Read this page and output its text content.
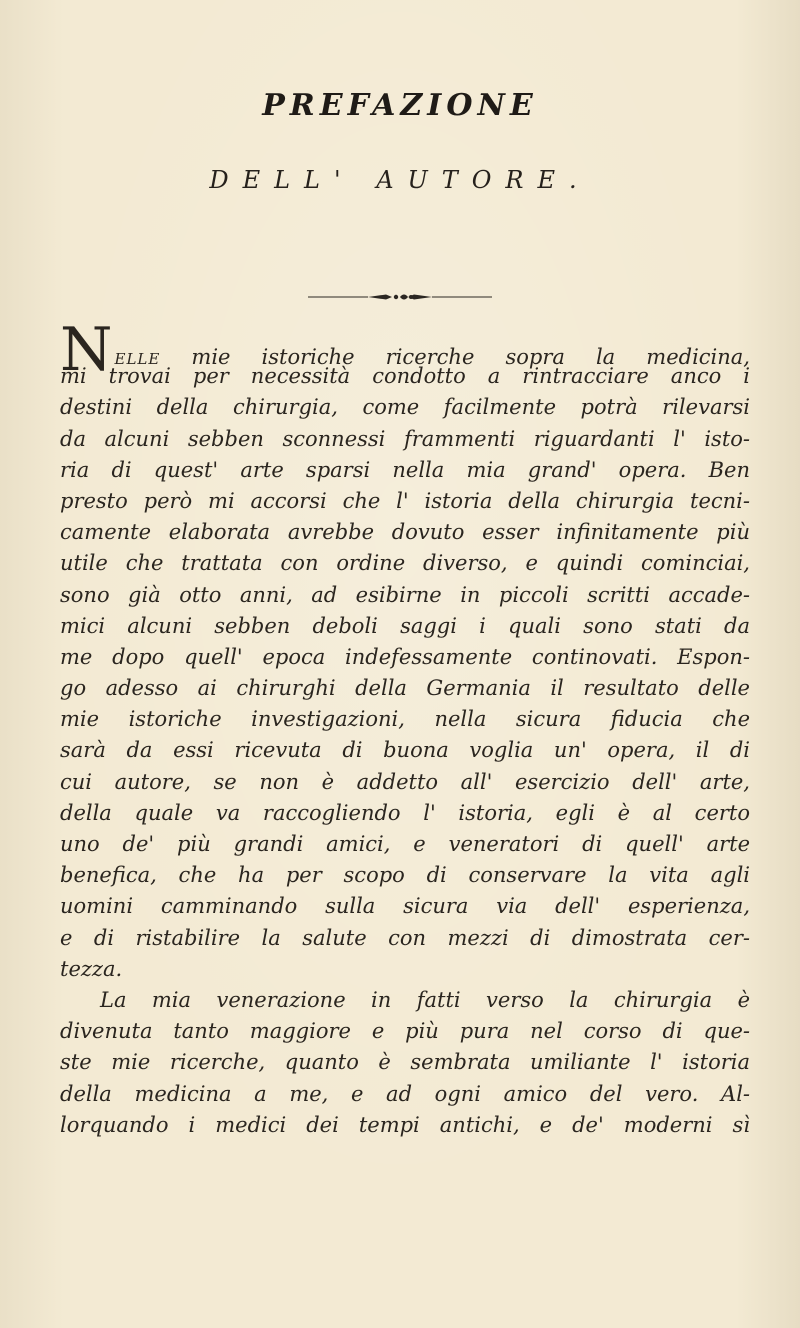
PREFAZIONE
DELL' AUTORE.
NELLE mie istoriche ricerche sopra la medicina,
mi trovai per necessità condotto a rintracciare anco i
destini della chirurgia, come facilmente potrà rilevarsi
da alcuni sebben sconnessi frammenti riguardanti l' isto-
ria di quest' arte sparsi nella mia grand' opera. Ben
presto però mi accorsi che l' istoria della chirurgia tecni-
camente elaborata avrebbe dovuto esser infinitamente più
utile che trattata con ordine diverso, e quindi cominciai,
sono già otto anni, ad esibirne in piccoli scritti accade-
mici alcuni sebben deboli saggi i quali sono stati da
me dopo quell' epoca indefessamente continovati. Espon-
go adesso ai chirurghi della Germania il resultato delle
mie istoriche investigazioni, nella sicura fiducia che
sarà da essi ricevuta di buona voglia un' opera, il di
cui autore, se non è addetto all' esercizio dell' arte,
della quale va raccogliendo l' istoria, egli è al certo
uno de' più grandi amici, e veneratori di quell' arte
benefica, che ha per scopo di conservare la vita agli
uomini camminando sulla sicura via dell' esperienza,
e di ristabilire la salute con mezzi di dimostrata cer-
tezza.
La mia venerazione in fatti verso la chirurgia è
divenuta tanto maggiore e più pura nel corso di que-
ste mie ricerche, quanto è sembrata umiliante l' istoria
della medicina a me, e ad ogni amico del vero. Al-
lorquando i medici dei tempi antichi, e de' moderni sì
